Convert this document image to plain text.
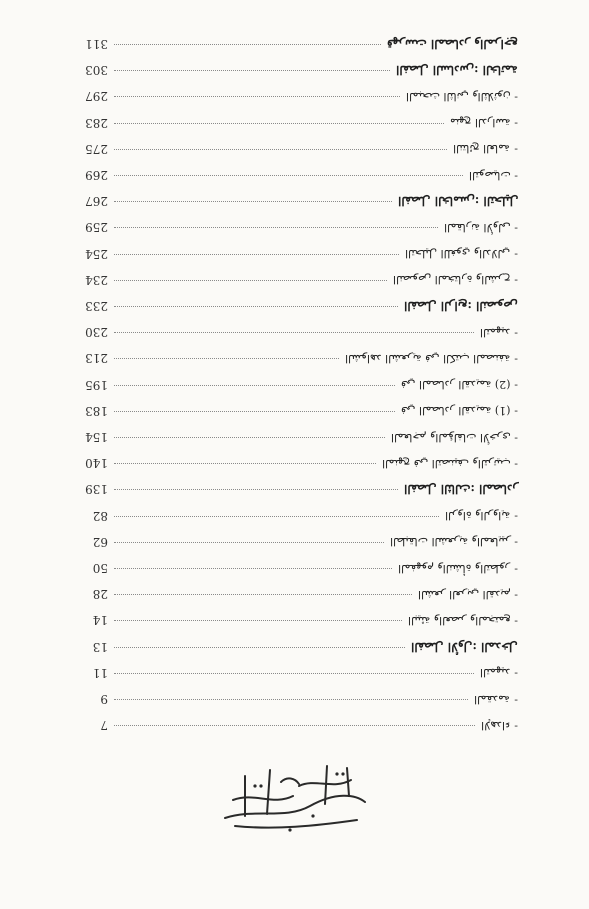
311	ﻗﻬﺮﺳﺖ ﺍﻟﻤﺼﺎﺩﺭ ﻭﺍﻟﻤﺮﺍﺟﻊ
303	ﺍﻟﻔﺼﻞ ﺍﻟﺴﺎﺩﺱ: ﺍﻟﺨﺎﺗﻤﺔ
297	ﺍﻟﻤﺒﺤﺚ ﺍﻟﺜﺎﻧﻲ ﻭﺍﻟﺜﻼﺛﻮﻥ -
283	ﻣﻨﻬﺞ ﺍﻟﺪﺭﺍﺳﺔ -
275	ﺍﻟﻨﺘﺎﺋﺞ ﺍﻟﻌﺎﻣﺔ -
269	ﺍﻟﺘﻮﺻﻴﺎﺕ -
267	ﺍﻟﻔﺼﻞ ﺍﻟﺨﺎﻣﺲ: ﺍﻟﺘﺤﻠﻴﻞ
259	ﺍﻟﻤﻘﺎﺭﻧﺔ ﺍﻷﻭﻟﻰ -
254	ﺍﻟﺘﺤﻠﻴﻞ ﺍﻟﻠﻐﻮﻱ ﻭﺍﻟﺪﻻﻟﻲ -
234	ﺍﻟﻨﺼﻮﺹ ﺍﻟﻤﺨﺘﺎﺭﺓ ﻭﺍﻟﺸﺮﺡ -
233	ﺍﻟﻔﺼﻞ ﺍﻟﺮﺍﺑﻊ: ﺍﻟﻨﺼﻮﺹ
230	ﺍﻟﺘﻤﻬﻴﺪ -
213	ﺍﻟﺸﻮﺍﻫﺪ ﺍﻟﺸﻌﺮﻳﺔ ﻓﻲ ﺍﻟﻜﺘﺐ ﺍﻟﻤﺼﻨﻔﺔ -
195	ﻓﻲ ﺍﻟﻤﺼﺎﺩﺭ ﺍﻟﻘﺪﻳﻤﺔ (2)	-
183	ﻓﻲ ﺍﻟﻤﺼﺎﺩﺭ ﺍﻟﻘﺪﻳﻤﺔ (1)	-
154	ﺍﻟﻤﻌﺎﺟﻢ ﻭﺍﻟﻤﺆﻟﻔﺎﺕ ﺍﻷﺧﺮﻯ -
140	ﺍﻟﻤﻨﻬﺞ ﻓﻲ ﺍﻟﺘﺼﻨﻴﻒ ﻭﺍﻟﺘﺮﺗﻴﺐ -
139	ﺍﻟﻔﺼﻞ ﺍﻟﺜﺎﻟﺚ: ﺍﻟﻤﺼﺎﺩﺭ
82	ﺍﻟﺮﻭﺍﺓ ﻭﺍﻟﺮﻭﺍﻳﺔ -
62	ﺍﻟﻄﺒﻘﺎﺕ ﺍﻟﺸﻌﺮﻳﺔ ﻭﺍﻟﻤﻌﺎﻳﻴﺮ -
50	ﺍﻟﻤﻔﻬﻮﻡ ﻭﺍﻟﻨﺸﺄﺓ ﻭﺍﻟﺘﻄﻮﺭ -
28	ﺍﻟﺸﻌﺮ ﺍﻟﻌﺮﺑﻲ ﺍﻟﻘﺪﻳﻢ -
14	ﺍﻟﺒﻴﺌﺔ ﻭﺍﻟﻌﺼﺮ ﻭﺍﻟﻤﺠﺘﻤﻊ -
13	ﺍﻟﻔﺼﻞ ﺍﻷﻭﻝ: ﺍﻟﻤﺪﺧﻞ
11	ﺍﻟﺘﻤﻬﻴﺪ -
9	ﺍﻟﻤﻘﺪﻣﺔ -
7	ﺍﻹﻫﺪﺍﺀ -
